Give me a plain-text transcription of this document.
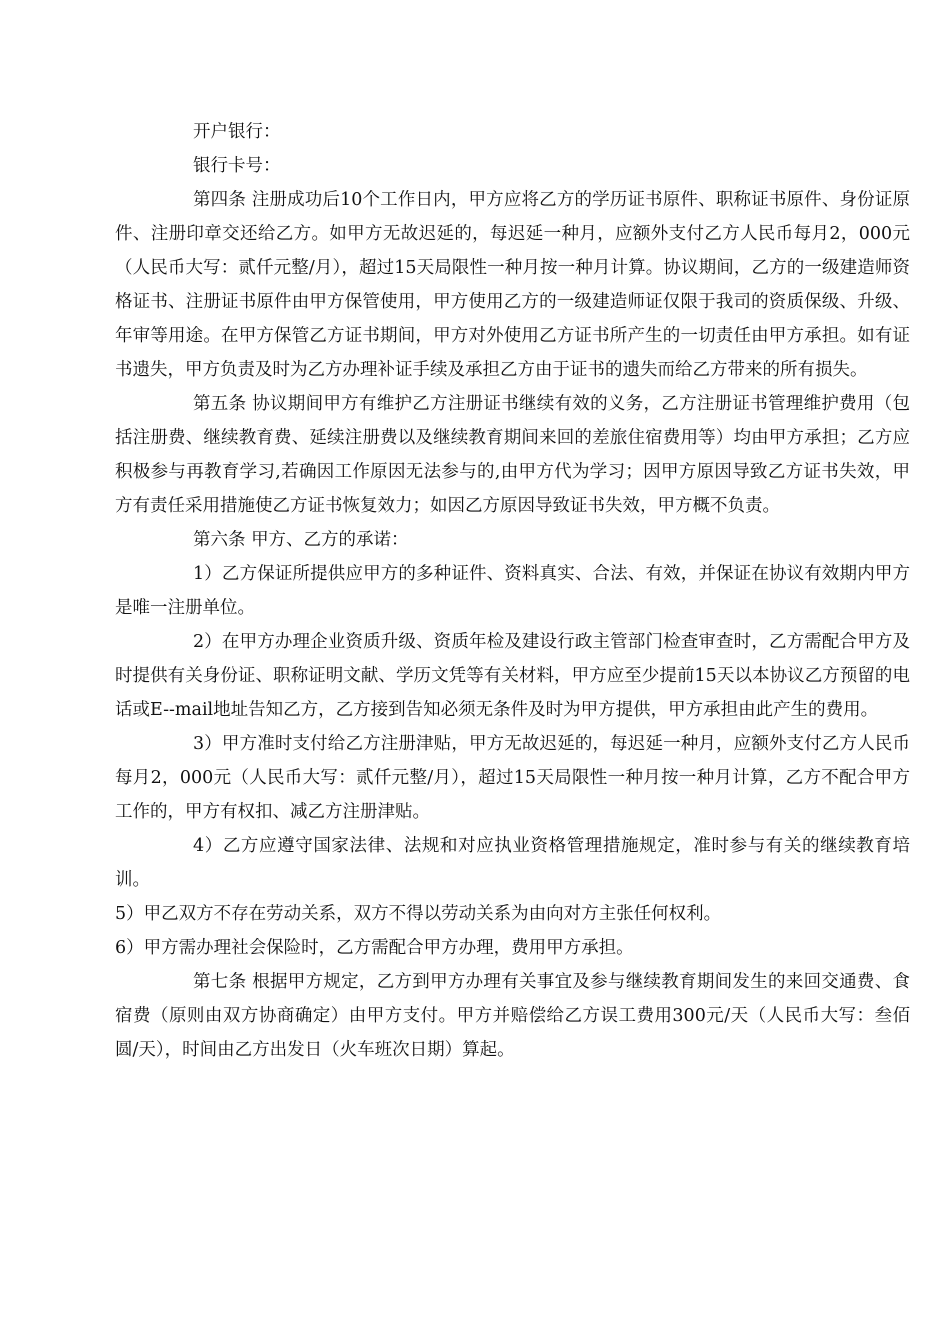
开户银行：

银行卡号：

第四条 注册成功后10个工作日内，甲方应将乙方的学历证书原件、职称证书原件、身份证原件、注册印章交还给乙方。如甲方无故迟延的，每迟延一种月，应额外支付乙方人民币每月2，000元（人民币大写：贰仟元整/月），超过15天局限性一种月按一种月计算。协议期间，乙方的一级建造师资格证书、注册证书原件由甲方保管使用，甲方使用乙方的一级建造师证仅限于我司的资质保级、升级、年审等用途。在甲方保管乙方证书期间，甲方对外使用乙方证书所产生的一切责任由甲方承担。如有证书遗失，甲方负责及时为乙方办理补证手续及承担乙方由于证书的遗失而给乙方带来的所有损失。

第五条 协议期间甲方有维护乙方注册证书继续有效的义务，乙方注册证书管理维护费用（包括注册费、继续教育费、延续注册费以及继续教育期间来回的差旅住宿费用等）均由甲方承担；乙方应积极参与再教育学习,若确因工作原因无法参与的,由甲方代为学习；因甲方原因导致乙方证书失效，甲方有责任采用措施使乙方证书恢复效力；如因乙方原因导致证书失效，甲方概不负责。

第六条 甲方、乙方的承诺：

1）乙方保证所提供应甲方的多种证件、资料真实、合法、有效，并保证在协议有效期内甲方是唯一注册单位。

2）在甲方办理企业资质升级、资质年检及建设行政主管部门检查审查时，乙方需配合甲方及时提供有关身份证、职称证明文献、学历文凭等有关材料，甲方应至少提前15天以本协议乙方预留的电话或E--mail地址告知乙方，乙方接到告知必须无条件及时为甲方提供，甲方承担由此产生的费用。

3）甲方准时支付给乙方注册津贴，甲方无故迟延的，每迟延一种月，应额外支付乙方人民币每月2，000元（人民币大写：贰仟元整/月），超过15天局限性一种月按一种月计算，乙方不配合甲方工作的，甲方有权扣、减乙方注册津贴。

4）乙方应遵守国家法律、法规和对应执业资格管理措施规定，准时参与有关的继续教育培训。

5）甲乙双方不存在劳动关系，双方不得以劳动关系为由向对方主张任何权利。

6）甲方需办理社会保险时，乙方需配合甲方办理，费用甲方承担。

第七条 根据甲方规定，乙方到甲方办理有关事宜及参与继续教育期间发生的来回交通费、食宿费（原则由双方协商确定）由甲方支付。甲方并赔偿给乙方误工费用300元/天（人民币大写：叁佰圆/天），时间由乙方出发日（火车班次日期）算起。
